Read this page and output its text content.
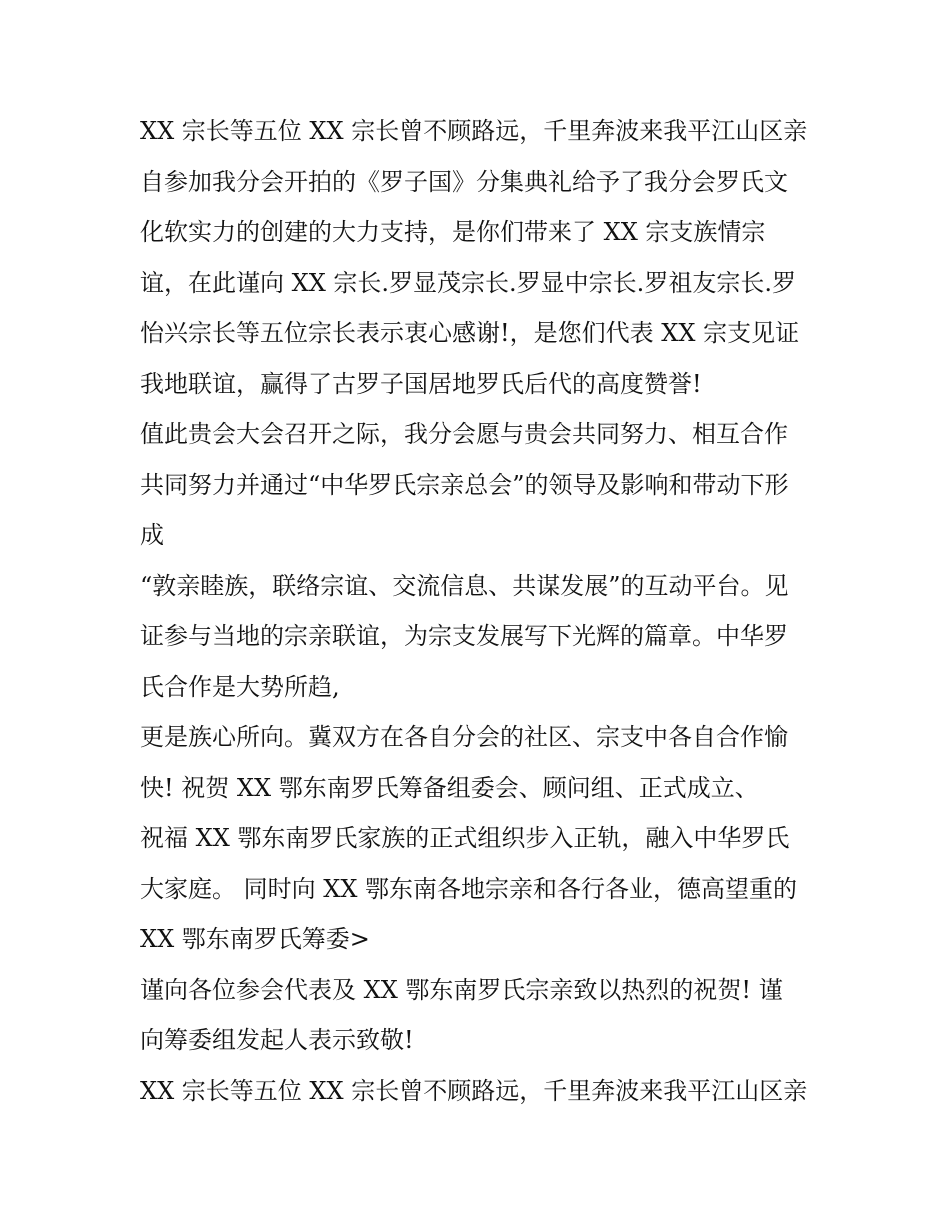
XX 宗长等五位 XX 宗长曾不顾路远，千里奔波来我平江山区亲
自参加我分会开拍的《罗子国》分集典礼给予了我分会罗氏文
化软实力的创建的大力支持，是你们带来了 XX 宗支族情宗
谊，在此谨向 XX 宗长.罗显茂宗长.罗显中宗长.罗祖友宗长.罗
怡兴宗长等五位宗长表示衷心感谢!，是您们代表 XX 宗支见证
我地联谊，赢得了古罗子国居地罗氏后代的高度赞誉!
值此贵会大会召开之际，我分会愿与贵会共同努力、相互合作
共同努力并通过“中华罗氏宗亲总会”的领导及影响和带动下形
成
“敦亲睦族，联络宗谊、交流信息、共谋发展”的互动平台。见
证参与当地的宗亲联谊，为宗支发展写下光辉的篇章。中华罗
氏合作是大势所趋,
更是族心所向。冀双方在各自分会的社区、宗支中各自合作愉
快! 祝贺 XX 鄂东南罗氏筹备组委会、顾问组、正式成立、
祝福 XX 鄂东南罗氏家族的正式组织步入正轨，融入中华罗氏
大家庭。 同时向 XX 鄂东南各地宗亲和各行各业，德高望重的
XX 鄂东南罗氏筹委>
谨向各位参会代表及 XX 鄂东南罗氏宗亲致以热烈的祝贺! 谨
向筹委组发起人表示致敬!
XX 宗长等五位 XX 宗长曾不顾路远，千里奔波来我平江山区亲
